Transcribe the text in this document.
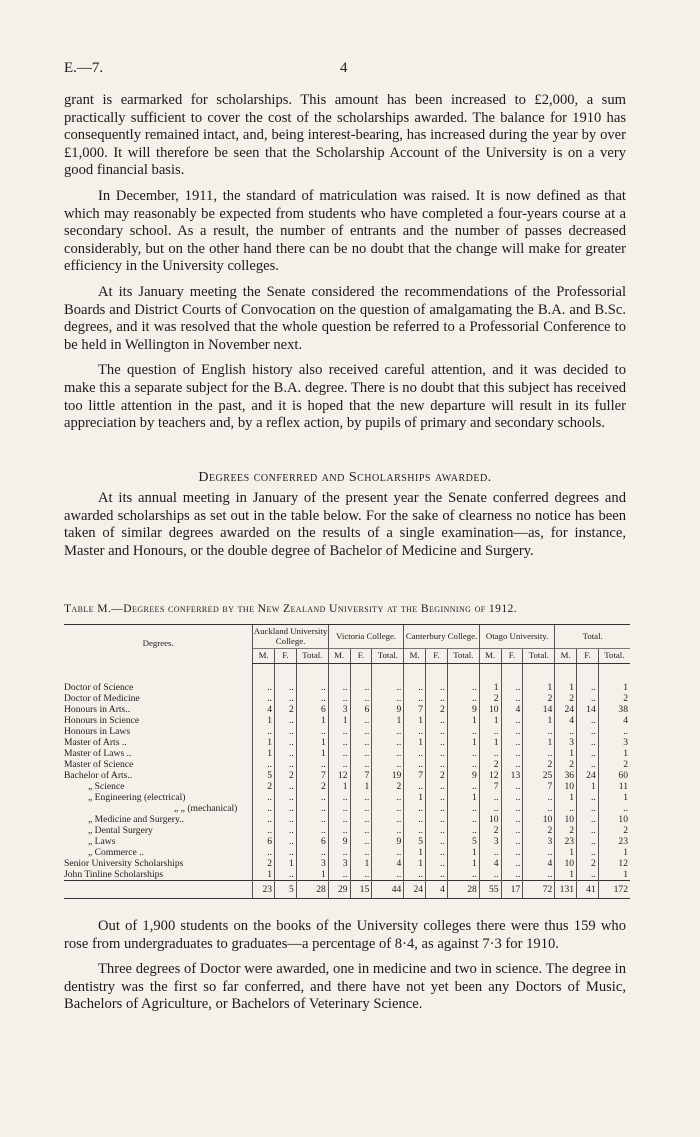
E.—7.	4

grant is earmarked for scholarships. This amount has been increased to £2,000, a sum practically sufficient to cover the cost of the scholarships awarded. The balance for 1910 has consequently remained intact, and, being interest-bearing, has increased during the year by over £1,000. It will therefore be seen that the Scholarship Account of the University is on a very good financial basis.

In December, 1911, the standard of matriculation was raised. It is now defined as that which may reasonably be expected from students who have completed a four-years course at a secondary school. As a result, the number of entrants and the number of passes decreased considerably, but on the other hand there can be no doubt that the change will make for greater efficiency in the University colleges.

At its January meeting the Senate considered the recommendations of the Professorial Boards and District Courts of Convocation on the question of amalgamating the B.A. and B.Sc. degrees, and it was resolved that the whole question be referred to a Professorial Conference to be held in Wellington in November next.

The question of English history also received careful attention, and it was decided to make this a separate subject for the B.A. degree. There is no doubt that this subject has received too little attention in the past, and it is hoped that the new departure will result in its fuller appreciation by teachers and, by a reflex action, by pupils of primary and secondary schools.

Degrees conferred and Scholarships awarded.

At its annual meeting in January of the present year the Senate conferred degrees and awarded scholarships as set out in the table below. For the sake of clearness no notice has been taken of similar degrees awarded on the results of a single examination—as, for instance, Master and Honours, or the double degree of Bachelor of Medicine and Surgery.

Table M.—Degrees conferred by the New Zealand University at the Beginning of 1912.
Degrees.	Auckland University College.			Victoria College.			Canterbury College.			Otago University.			Total.		
	M.	F.	Total.	M.	F.	Total.	M.	F.	Total.	M.	F.	Total.	M.	F.	Total.

Doctor of Science	..	..	..	..	..	..	..	..	..	1	..	1	1	..	1
Doctor of Medicine	..	..	..	..	..	..	..	..	..	2	..	2	2	..	2
Honours in Arts..	4	2	6	3	6	9	7	2	9	10	4	14	24	14	38
Honours in Science	1	..	1	1	..	1	1	..	1	1	..	1	4	..	4
Honours in Laws	..	..	..	..	..	..	..	..	..	..	..	..	..	..	..
Master of Arts ..	1	..	1	..	..	..	1	..	1	1	..	1	3	..	3
Master of Laws ..	1	..	1	..	..	..	..	..	..	..	..	..	1	..	1
Master of Science	..	..	..	..	..	..	..	..	..	2	..	2	2	..	2
Bachelor of Arts..	5	2	7	12	7	19	7	2	9	12	13	25	36	24	60
„ Science	2	..	2	1	1	2	..	..	..	7	..	7	10	1	11
„ Engineering (electrical)	..	..	..	..	..	..	1	..	1	..	..	..	1	..	1
„ „ (mechanical)	..	..	..	..	..	..	..	..	..	..	..	..	..	..	..
„ Medicine and Surgery..	..	..	..	..	..	..	..	..	..	10	..	10	10	..	10
„ Dental Surgery	..	..	..	..	..	..	..	..	..	2	..	2	2	..	2
„ Laws	6	..	6	9	..	9	5	..	5	3	..	3	23	..	23
„ Commerce ..	..	..	..	..	..	..	1	..	1	..	..	..	1	..	1
Senior University Scholarships	2	1	3	3	1	4	1	..	1	4	..	4	10	2	12
John Tinline Scholarships	1	..	1	..	..	..	..	..	..	..	..	..	1	..	1
	23	5	28	29	15	44	24	4	28	55	17	72	131	41	172

Out of 1,900 students on the books of the University colleges there were thus 159 who rose from undergraduates to graduates—a percentage of 8·4, as against 7·3 for 1910.

Three degrees of Doctor were awarded, one in medicine and two in science. The degree in dentistry was the first so far conferred, and there have not yet been any Doctors of Music, Bachelors of Agriculture, or Bachelors of Veterinary Science.
